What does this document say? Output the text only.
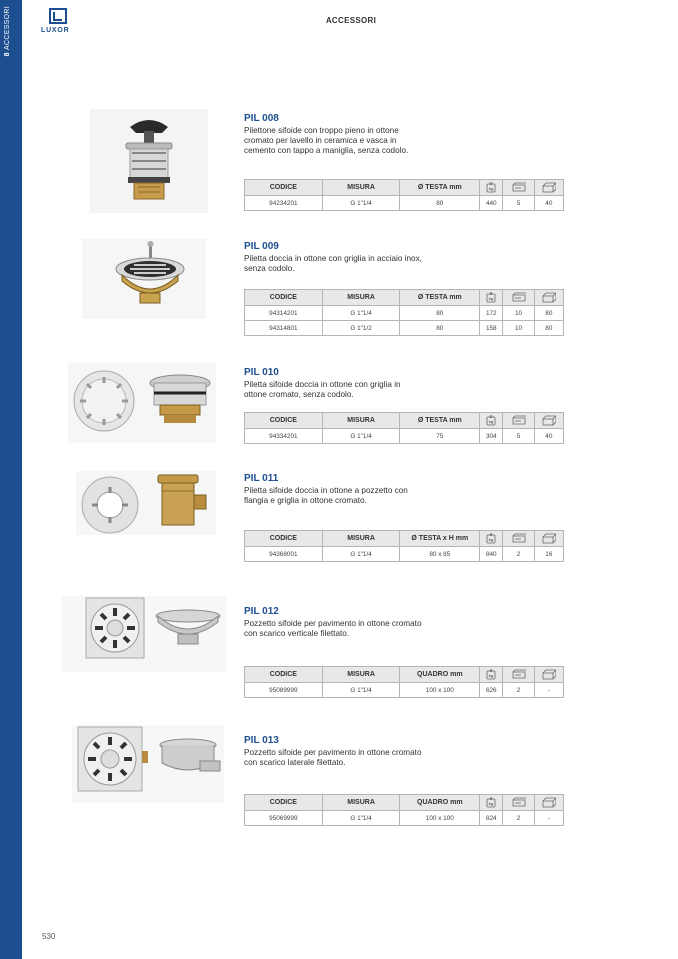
8 ACCESSORI	LUXOR
ACCESSORI
PIL 008
Pilettone sifoide con troppo pieno in ottone cromato per lavello in ceramica e vasca in cemento con tappo a maniglia, senza codolo.
CODICE	MISURA	Ø TESTA mm	kg

94234201	G 1"1/4	80	440	5	40
PIL 009
Piletta doccia in ottone con griglia in acciaio inox, senza codolo.
CODICE	MISURA	Ø TESTA mm	kg

94314201	G 1"1/4	80	172	10	80
94314801	G 1"1/2	80	158	10	80
PIL 010
Piletta sifoide doccia in ottone con griglia in ottone cromato, senza codolo.
CODICE	MISURA	Ø TESTA mm	kg

94334201	G 1"1/4	75	304	5	40
PIL 011
Piletta sifoide doccia in ottone a pozzetto con flangia e griglia in ottone cromato.
CODICE	MISURA	Ø TESTA x H mm	kg

94368001	G 1"1/4	80 x 85	840	2	16
PIL 012
Pozzetto sifoide per pavimento in ottone cromato con scarico verticale filettato.
CODICE	MISURA	QUADRO mm	kg

95089999	G 1"1/4	100 x 100	626	2	-
PIL 013
Pozzetto sifoide per pavimento in ottone cromato con scarico laterale filettato.
CODICE	MISURA	QUADRO mm	kg

95069999	G 1"1/4	100 x 100	824	2	-
530
